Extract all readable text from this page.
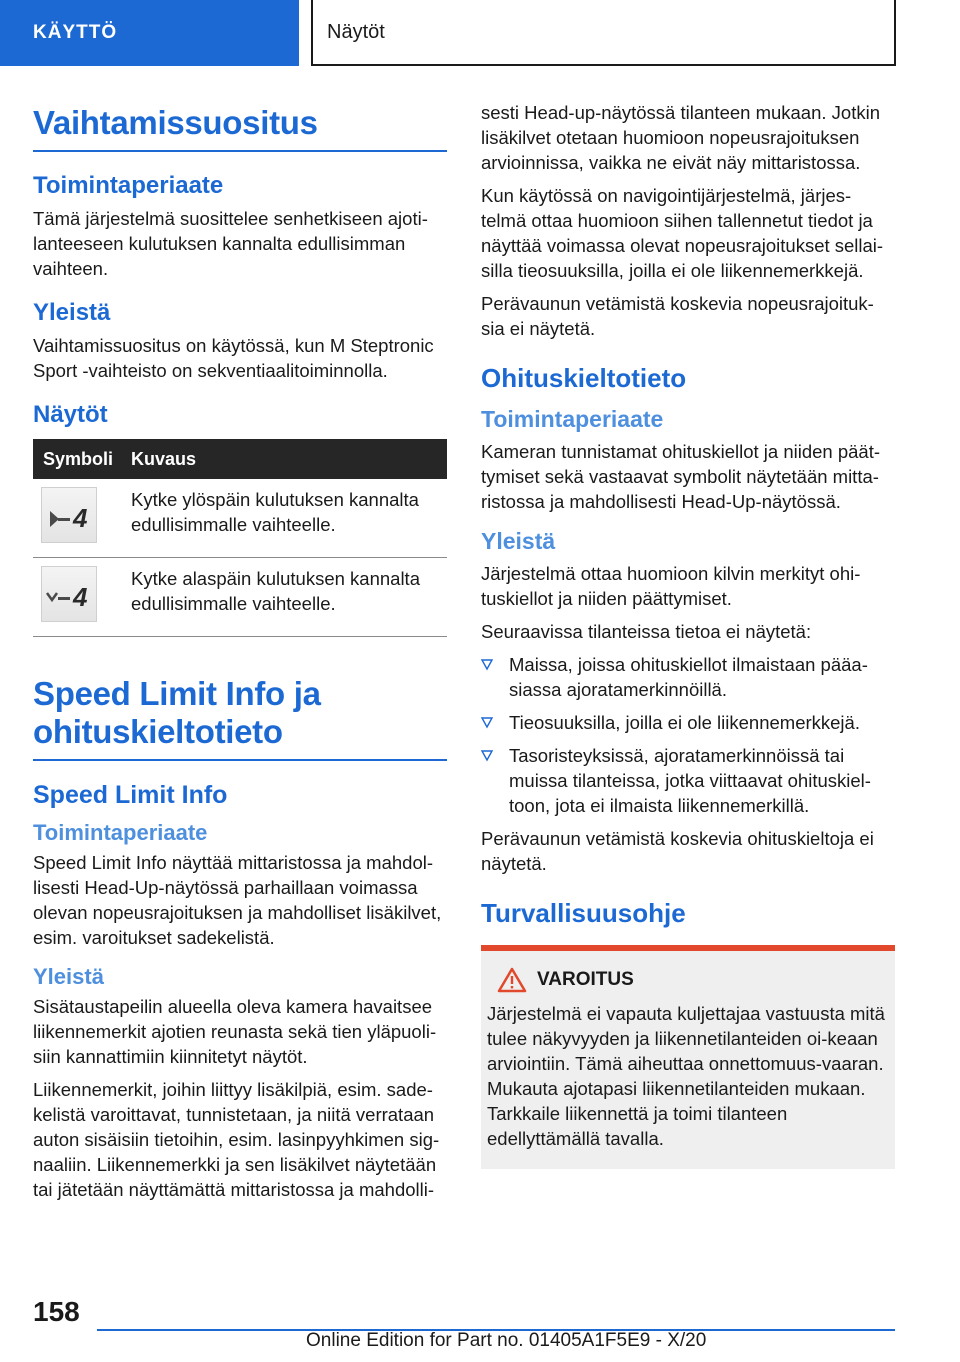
KÄYTTÖ	Näytöt
Vaihtamissuositus
Toimintaperiaate

Tämä järjestelmä suosittelee senhetkiseen ajoti-lanteeseen kulutuksen kannalta edullisimman vaihteen.

Yleistä

Vaihtamissuositus on käytössä, kun M Steptronic Sport -vaihteisto on sekventiaalitoiminnolla.

Näytöt
Symboli	Kuvaus

4	Kytke ylöspäin kulutuksen kannalta edullisimmalle vaihteelle.

4	Kytke alaspäin kulutuksen kannalta edullisimmalle vaihteelle.
Speed Limit Info ja ohituskieltotieto
Speed Limit Info
Toimintaperiaate

Speed Limit Info näyttää mittaristossa ja mahdol-lisesti Head-Up-näytössä parhaillaan voimassa olevan nopeusrajoituksen ja mahdolliset lisäkilvet, esim. varoitukset sadekelistä.

Yleistä

Sisätaustapeilin alueella oleva kamera havaitsee liikennemerkit ajotien reunasta sekä tien yläpuoli-siin kannattimiin kiinnitetyt näytöt.

Liikennemerkit, joihin liittyy lisäkilpiä, esim. sade-kelistä varoittavat, tunnistetaan, ja niitä verrataan auton sisäisiin tietoihin, esim. lasinpyyhkimen sig-naaliin. Liikennemerkki ja sen lisäkilvet näytetään tai jätetään näyttämättä mittaristossa ja mahdolli-

sesti Head-up-näytössä tilanteen mukaan. Jotkin lisäkilvet otetaan huomioon nopeusrajoituksen arvioinnissa, vaikka ne eivät näy mittaristossa.

Kun käytössä on navigointijärjestelmä, järjes-telmä ottaa huomioon siihen tallennetut tiedot ja näyttää voimassa olevat nopeusrajoitukset sellai-silla tieosuuksilla, joilla ei ole liikennemerkkejä.

Perävaunun vetämistä koskevia nopeusrajoituk-sia ei näytetä.

Ohituskieltotieto
Toimintaperiaate

Kameran tunnistamat ohituskiellot ja niiden päät-tymiset sekä vastaavat symbolit näytetään mitta-ristossa ja mahdollisesti Head-Up-näytössä.

Yleistä

Järjestelmä ottaa huomioon kilvin merkityt ohi-tuskiellot ja niiden päättymiset.

Seuraavissa tilanteissa tietoa ei näytetä:

Maissa, joissa ohituskiellot ilmaistaan pääa-siassa ajoratamerkinnöillä.
Tieosuuksilla, joilla ei ole liikennemerkkejä.
Tasoristeyksissä, ajoratamerkinnöissä tai muissa tilanteissa, jotka viittaavat ohituskiel-toon, jota ei ilmaista liikennemerkillä.

Perävaunun vetämistä koskevia ohituskieltoja ei näytetä.

Turvallisuusohje
VAROITUS

Järjestelmä ei vapauta kuljettajaa vastuusta mitä tulee näkyvyyden ja liikennetilanteiden oi-keaan arviointiin. Tämä aiheuttaa onnettomuus-vaaran. Mukauta ajotapasi liikennetilanteiden mukaan. Tarkkaile liikennettä ja toimi tilanteen edellyttämällä tavalla.

158
Online Edition for Part no. 01405A1F5E9 - X/20
